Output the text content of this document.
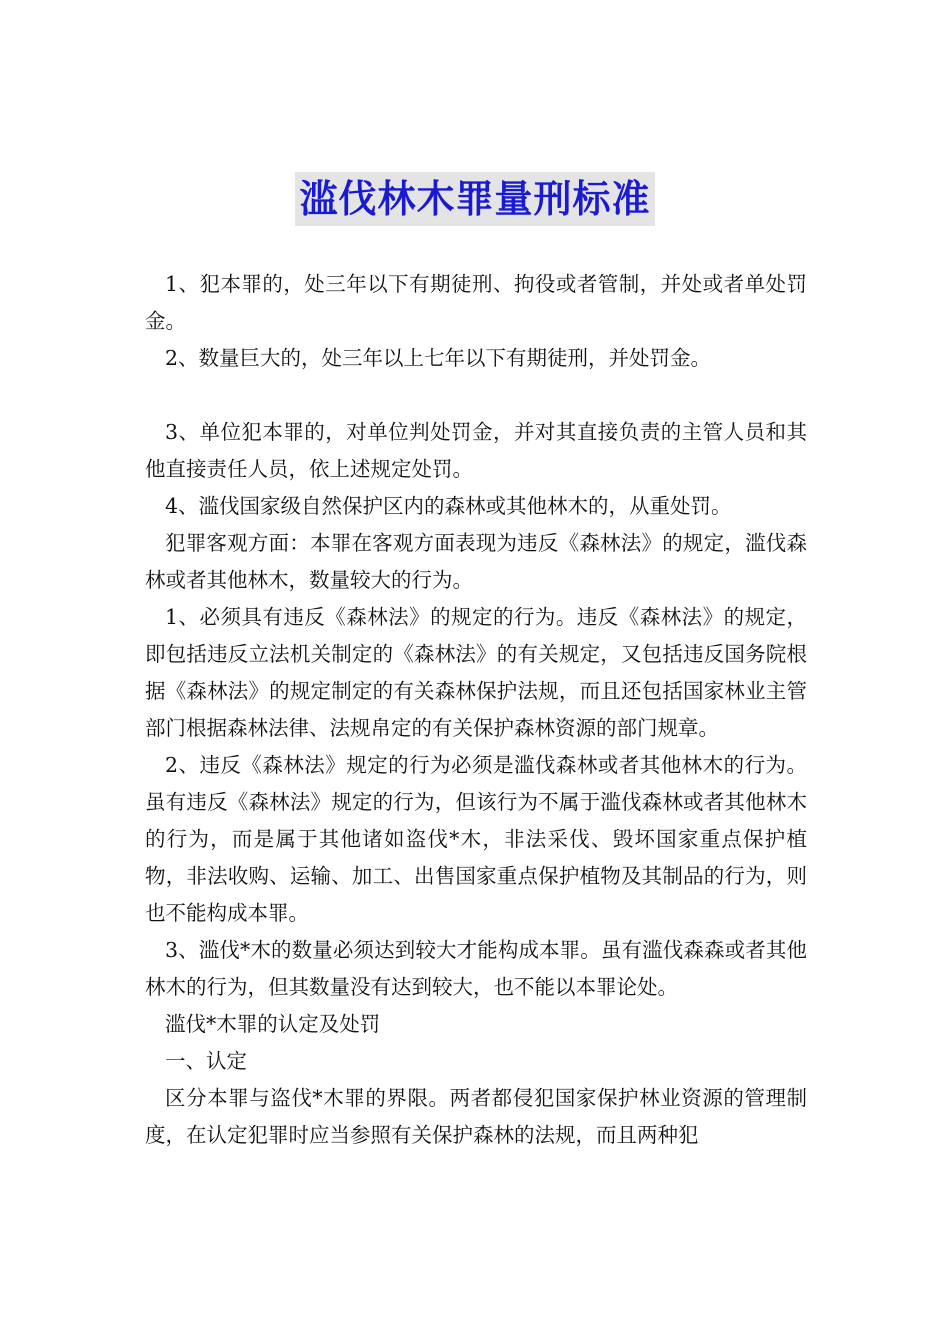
滥伐林木罪量刑标准

1、犯本罪的，处三年以下有期徒刑、拘役或者管制，并处或者单处罚金。

2、数量巨大的，处三年以上七年以下有期徒刑，并处罚金。

3、单位犯本罪的，对单位判处罚金，并对其直接负责的主管人员和其他直接责任人员，依上述规定处罚。

4、滥伐国家级自然保护区内的森林或其他林木的，从重处罚。

犯罪客观方面：本罪在客观方面表现为违反《森林法》的规定，滥伐森林或者其他林木，数量较大的行为。

1、必须具有违反《森林法》的规定的行为。违反《森林法》的规定，即包括违反立法机关制定的《森林法》的有关规定，又包括违反国务院根据《森林法》的规定制定的有关森林保护法规，而且还包括国家林业主管部门根据森林法律、法规帛定的有关保护森林资源的部门规章。

2、违反《森林法》规定的行为必须是滥伐森林或者其他林木的行为。虽有违反《森林法》规定的行为，但该行为不属于滥伐森林或者其他林木的行为，而是属于其他诸如盗伐*木，非法采伐、毁坏国家重点保护植物，非法收购、运输、加工、出售国家重点保护植物及其制品的行为，则也不能构成本罪。

3、滥伐*木的数量必须达到较大才能构成本罪。虽有滥伐森森或者其他林木的行为，但其数量没有达到较大，也不能以本罪论处。

滥伐*木罪的认定及处罚

一、认定

区分本罪与盗伐*木罪的界限。两者都侵犯国家保护林业资源的管理制度，在认定犯罪时应当参照有关保护森林的法规，而且两种犯
